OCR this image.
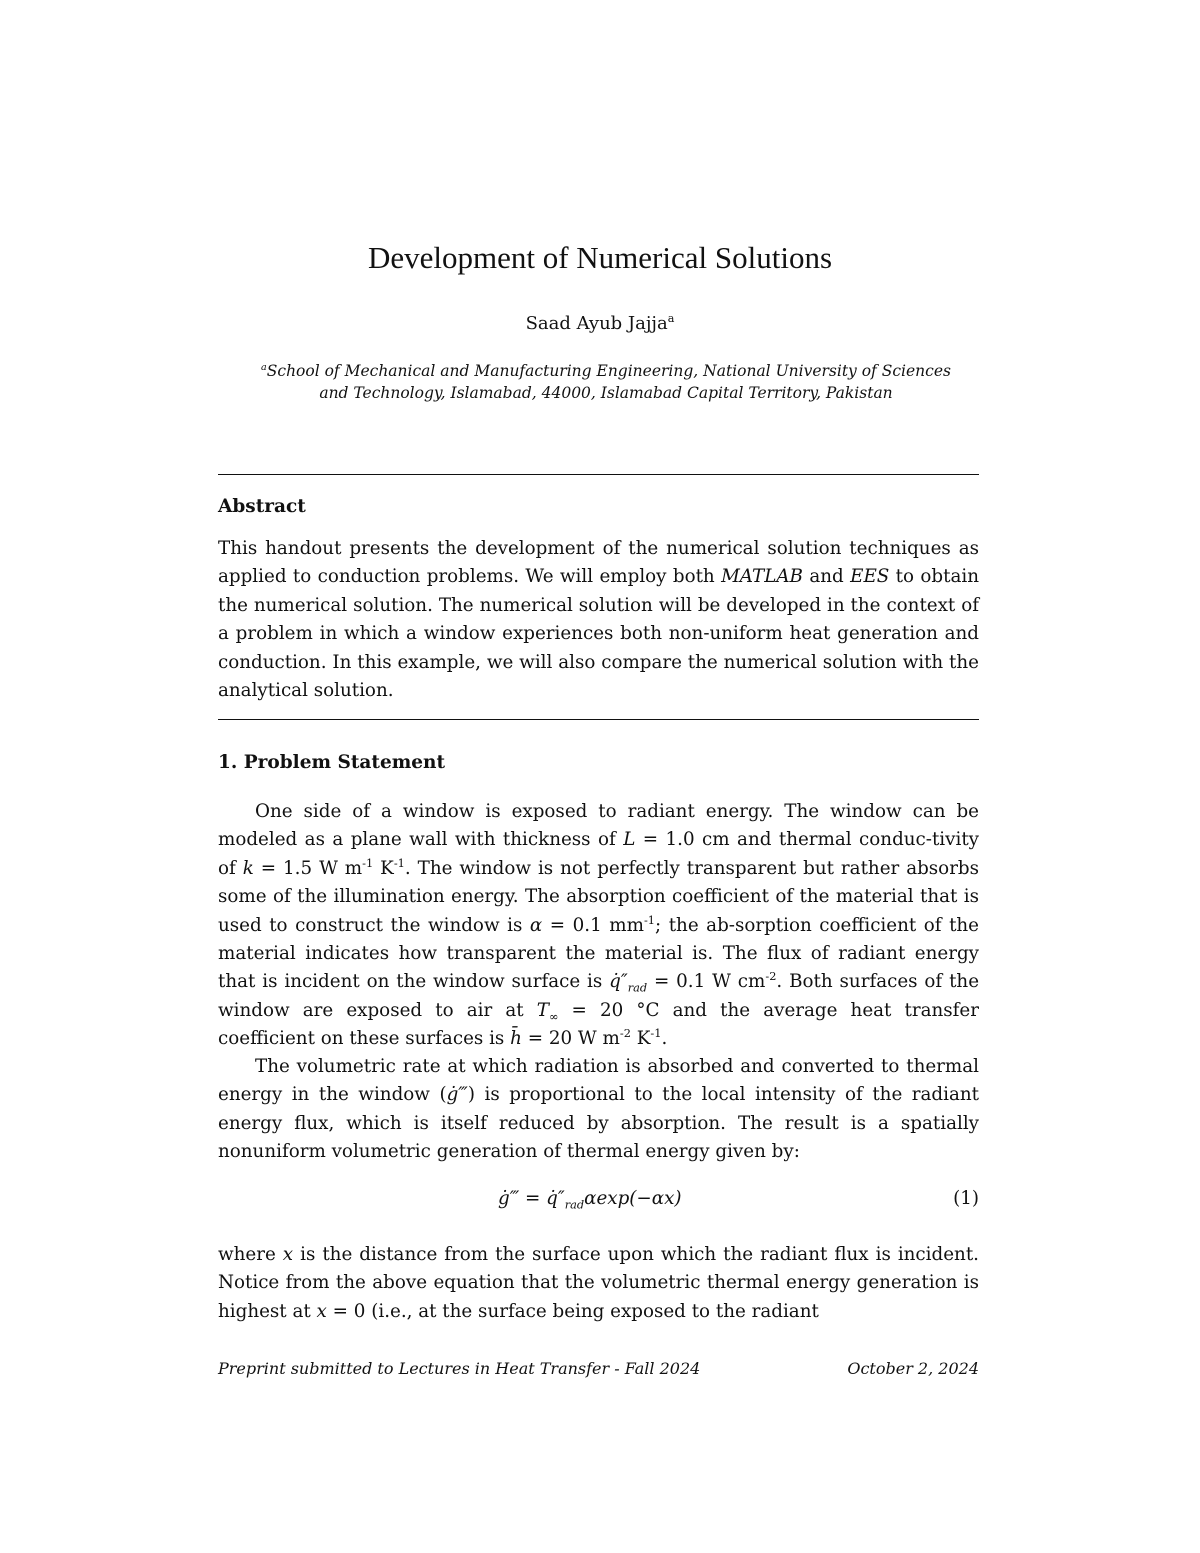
Development of Numerical Solutions
Saad Ayub Jajja$^a$
$^a$School of Mechanical and Manufacturing Engineering, National University of Sciences
and Technology, Islamabad, 44000, Islamabad Capital Territory, Pakistan
Abstract
This handout presents the development of the numerical solution techniques as applied to conduction problems. We will employ both MATLAB and EES to obtain the numerical solution. The numerical solution will be developed in the context of a problem in which a window experiences both non-uniform heat generation and conduction. In this example, we will also compare the numerical solution with the analytical solution.
1. Problem Statement
One side of a window is exposed to radiant energy. The window can be modeled as a plane wall with thickness of L = 1.0 cm and thermal conduc-tivity of k = 1.5 W $m^{-1}$ $K^{-1}$. The window is not perfectly transparent but rather absorbs some of the illumination energy. The absorption coefficient of the material that is used to construct the window is α = 0.1 $mm^{-1}$; the ab-sorption coefficient of the material indicates how transparent the material is. The flux of radiant energy that is incident on the window surface is $q̇''_{rad} = 0.1$ W $cm^{-2}$. Both surfaces of the window are exposed to air at $T_\infty = 20$ °C and the average heat transfer coefficient on these surfaces is h̄ = 20 W $m^{-2}$ $K^{-1}$.
The volumetric rate at which radiation is absorbed and converted to thermal energy in the window (ġ‴) is proportional to the local intensity of the radiant energy flux, which is itself reduced by absorption. The result is a spatially nonuniform volumetric generation of thermal energy given by:
ġ‴ = $q̇''_{rad}\alpha\exp(-\alpha x)$	(1)
where x is the distance from the surface upon which the radiant flux is incident. Notice from the above equation that the volumetric thermal energy generation is highest at x = 0 (i.e., at the surface being exposed to the radiant
Preprint submitted to Lectures in Heat Transfer - Fall 2024	October 2, 2024
